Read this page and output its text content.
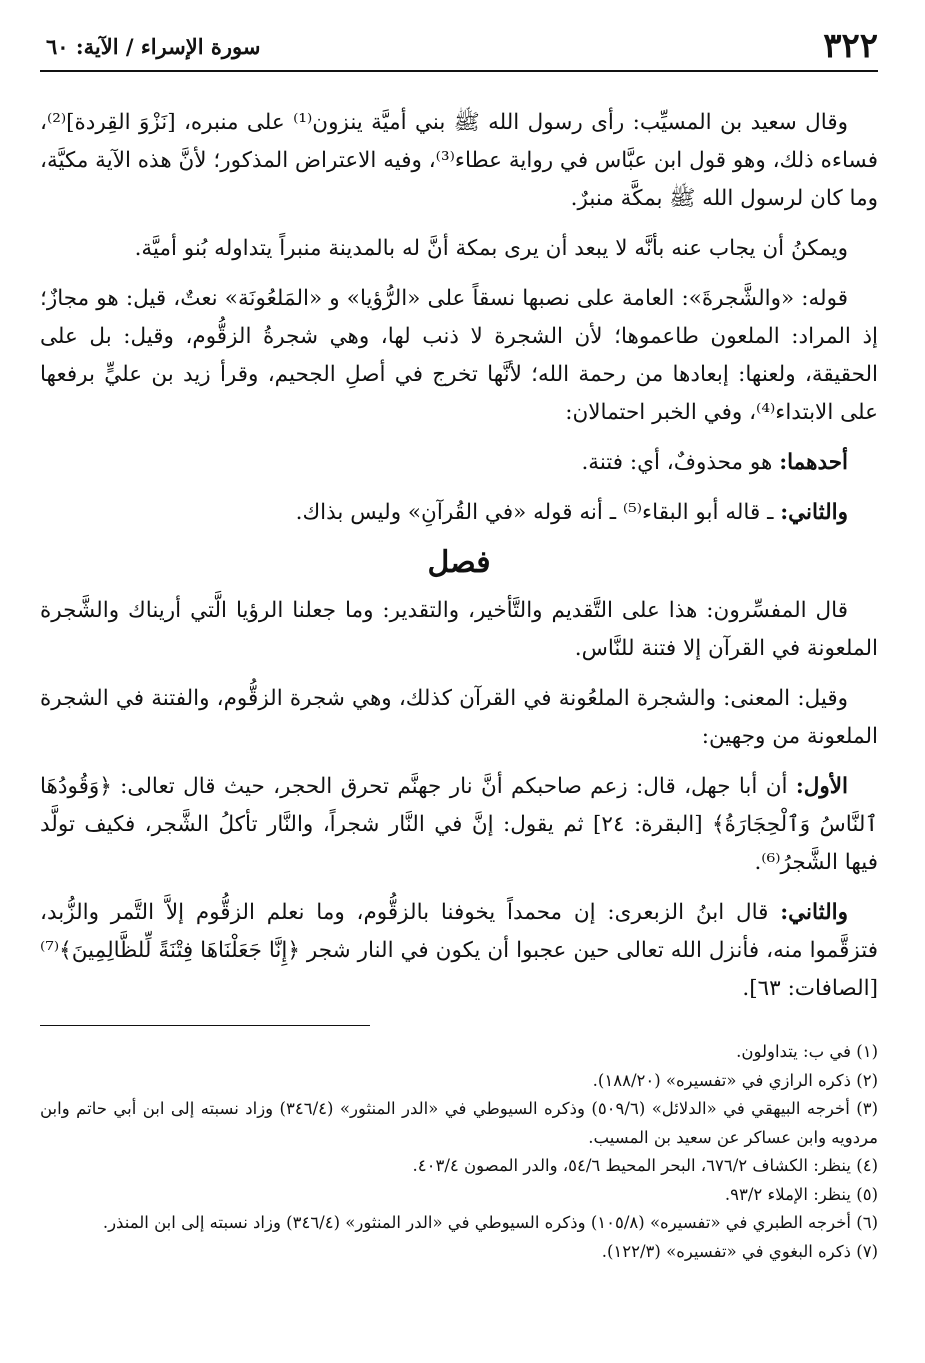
٣٢٢
سورة الإسراء / الآية: ٦٠

وقال سعيد بن المسيِّب: رأى رسول الله ﷺ بني أميَّة ينزون⁽¹⁾ على منبره، [نَزْوَ القِردة]⁽²⁾، فساءه ذلك، وهو قول ابن عبَّاس في رواية عطاء⁽³⁾، وفيه الاعتراض المذكور؛ لأنَّ هذه الآية مكيَّة، وما كان لرسول الله ﷺ بمكَّة منبرٌ.

ويمكنُ أن يجاب عنه بأنَّه لا يبعد أن يرى بمكة أنَّ له بالمدينة منبراً يتداوله بُنو أميَّة.

قوله: «والشَّجرةَ»: العامة على نصبها نسقاً على «الرُّؤيا» و «المَلعُونَة» نعتٌ، قيل: هو مجازٌ؛ إذ المراد: الملعون طاعموها؛ لأن الشجرة لا ذنب لها، وهي شجرةُ الزقُّوم، وقيل: بل على الحقيقة، ولعنها: إبعادها من رحمة الله؛ لأنَّها تخرج في أصلِ الجحيم، وقرأ زيد بن عليٍّ برفعها على الابتداء⁽⁴⁾، وفي الخبر احتمالان:

أحدهما: هو محذوفٌ، أي: فتنة.

والثاني: ـ قاله أبو البقاء⁽⁵⁾ ـ أنه قوله «في القُرآنِ» وليس بذاك.

فصل

قال المفسِّرون: هذا على التَّقديم والتَّأخير، والتقدير: وما جعلنا الرؤيا الَّتي أريناك والشَّجرة الملعونة في القرآن إلا فتنة للنَّاس.

وقيل: المعنى: والشجرة الملعُونة في القرآن كذلك، وهي شجرة الزقُّوم، والفتنة في الشجرة الملعونة من وجهين:

الأول: أن أبا جهل، قال: زعم صاحبكم أنَّ نار جهنَّم تحرق الحجر، حيث قال تعالى: ﴿وَقُودُهَا ٱلنَّاسُ وَٱلْحِجَارَةُ﴾ [البقرة: ٢٤] ثم يقول: إنَّ في النَّار شجراً، والنَّار تأكلُ الشَّجر، فكيف تولَّد فيها الشَّجرُ⁽⁶⁾.

والثاني: قال ابنُ الزبعرى: إن محمداً يخوفنا بالزقُّوم، وما نعلم الزقُّوم إلاَّ التَّمر والزُّبد، فتزقَّموا منه، فأنزل الله تعالى حين عجبوا أن يكون في النار شجر ﴿إِنَّا جَعَلْنَاهَا فِتْنَةً لِّلظَّالِمِينَ﴾⁽⁷⁾ [الصافات: ٦٣].

(١) في ب: يتداولون.

(٢) ذكره الرازي في «تفسيره» (١٨٨/٢٠).

(٣) أخرجه البيهقي في «الدلائل» (٥٠٩/٦) وذكره السيوطي في «الدر المنثور» (٣٤٦/٤) وزاد نسبته إلى ابن أبي حاتم وابن مردويه وابن عساكر عن سعيد بن المسيب.

(٤) ينظر: الكشاف ٦٧٦/٢، البحر المحيط ٥٤/٦، والدر المصون ٤٠٣/٤.

(٥) ينظر: الإملاء ٩٣/٢.

(٦) أخرجه الطبري في «تفسيره» (١٠٥/٨) وذكره السيوطي في «الدر المنثور» (٣٤٦/٤) وزاد نسبته إلى ابن المنذر.

(٧) ذكره البغوي في «تفسيره» (١٢٢/٣).
